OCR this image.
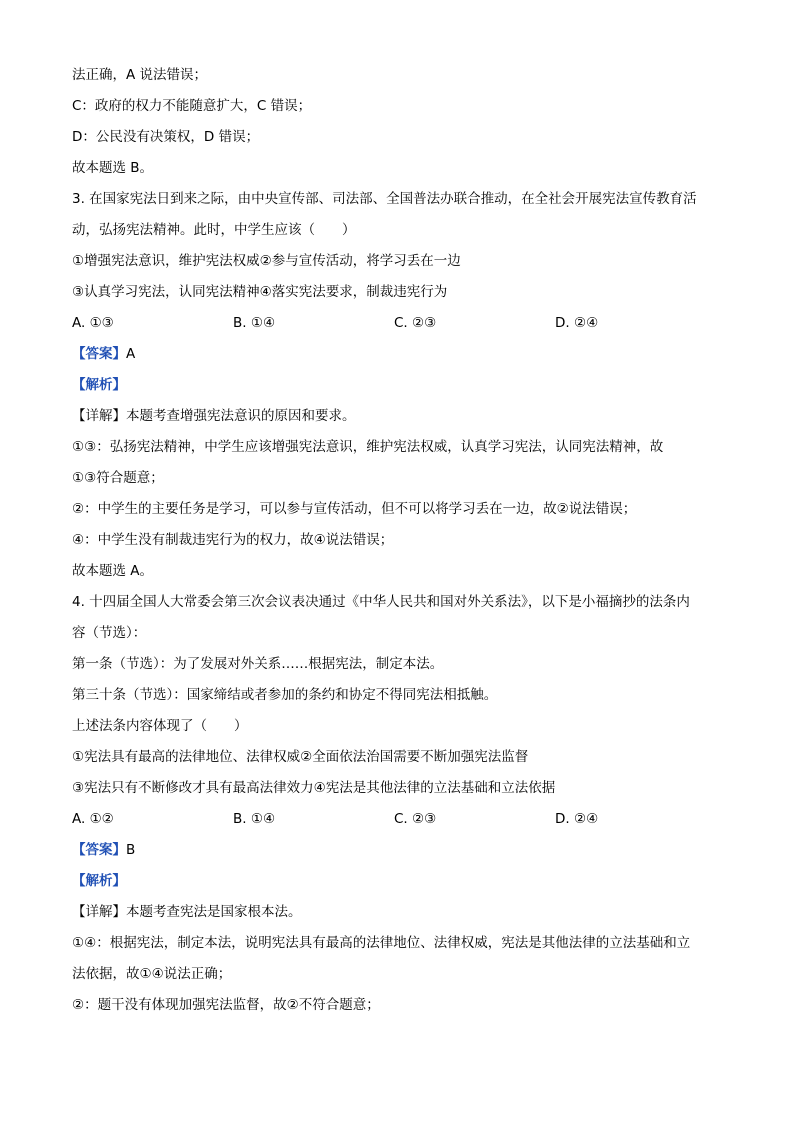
法正确，A 说法错误；
C：政府的权力不能随意扩大，C 错误；
D：公民没有决策权，D 错误；
故本题选 B。
3. 在国家宪法日到来之际，由中央宣传部、司法部、全国普法办联合推动，在全社会开展宪法宣传教育活
动，弘扬宪法精神。此时，中学生应该（　　）
①增强宪法意识，维护宪法权威②参与宣传活动，将学习丢在一边
③认真学习宪法，认同宪法精神④落实宪法要求，制裁违宪行为
A. ①③	B. ①④	C. ②③	D. ②④
【答案】A
【解析】
【详解】本题考查增强宪法意识的原因和要求。
①③：弘扬宪法精神，中学生应该增强宪法意识，维护宪法权威，认真学习宪法，认同宪法精神，故
①③符合题意；
②：中学生的主要任务是学习，可以参与宣传活动，但不可以将学习丢在一边，故②说法错误；
④：中学生没有制裁违宪行为的权力，故④说法错误；
故本题选 A。
4. 十四届全国人大常委会第三次会议表决通过《中华人民共和国对外关系法》，以下是小福摘抄的法条内
容（节选）：
第一条（节选）：为了发展对外关系……根据宪法，制定本法。
第三十条（节选）：国家缔结或者参加的条约和协定不得同宪法相抵触。
上述法条内容体现了（　　）
①宪法具有最高的法律地位、法律权威②全面依法治国需要不断加强宪法监督
③宪法只有不断修改才具有最高法律效力④宪法是其他法律的立法基础和立法依据
A. ①②	B. ①④	C. ②③	D. ②④
【答案】B
【解析】
【详解】本题考查宪法是国家根本法。
①④：根据宪法，制定本法，说明宪法具有最高的法律地位、法律权威，宪法是其他法律的立法基础和立
法依据，故①④说法正确；
②：题干没有体现加强宪法监督，故②不符合题意；
